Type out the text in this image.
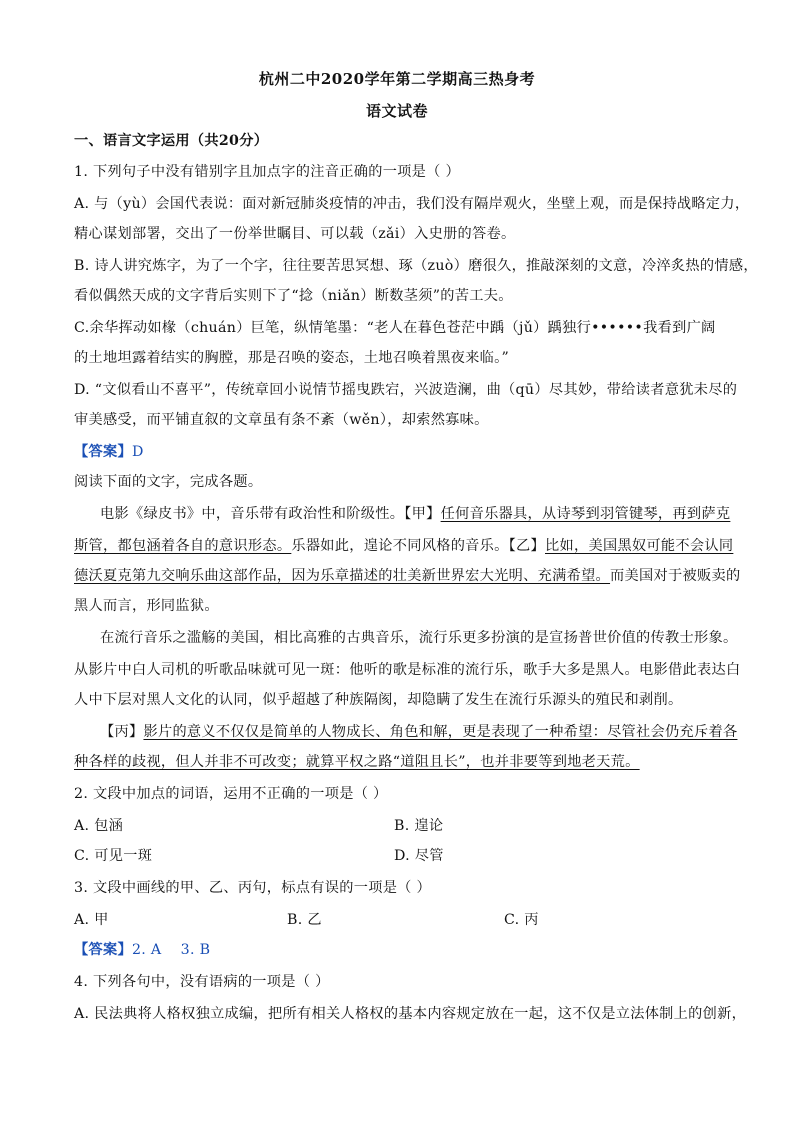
杭州二中2020学年第二学期高三热身考
语文试卷
一、语言文字运用（共20分）
1. 下列句子中没有错别字且加点字的注音正确的一项是（ ）
A. 与（yù）会国代表说：面对新冠肺炎疫情的冲击，我们没有隔岸观火，坐壁上观，而是保持战略定力，
精心谋划部署，交出了一份举世瞩目、可以载（zǎi）入史册的答卷。
B. 诗人讲究炼字，为了一个字，往往要苦思冥想、琢（zuò）磨很久，推敲深刻的文意，冷淬炙热的情感，
看似偶然天成的文字背后实则下了“捻（niǎn）断数茎须”的苦工夫。
C.余华挥动如椽（chuán）巨笔，纵情笔墨：“老人在暮色苍茫中踽（jǔ）踽独行••••••我看到广阔
的土地坦露着结实的胸膛，那是召唤的姿态，土地召唤着黑夜来临。”
D. “文似看山不喜平”，传统章回小说情节摇曳跌宕，兴波造澜，曲（qū）尽其妙，带给读者意犹未尽的
审美感受，而平铺直叙的文章虽有条不紊（wěn），却索然寡味。
【答案】D
阅读下面的文字，完成各题。
电影《绿皮书》中，音乐带有政治性和阶级性。【甲】任何音乐器具，从诗琴到羽管键琴，再到萨克
斯管，都包涵着各自的意识形态。乐器如此，遑论不同风格的音乐。【乙】比如，美国黑奴可能不会认同
德沃夏克第九交响乐曲这部作品，因为乐章描述的壮美新世界宏大光明、充满希望。而美国对于被贩卖的
黑人而言，形同监狱。
在流行音乐之滥觞的美国，相比高雅的古典音乐，流行乐更多扮演的是宣扬普世价值的传教士形象。
从影片中白人司机的听歌品味就可见一斑：他听的歌是标准的流行乐，歌手大多是黑人。电影借此表达白
人中下层对黑人文化的认同，似乎超越了种族隔阂，却隐瞒了发生在流行乐源头的殖民和剥削。
【丙】影片的意义不仅仅是简单的人物成长、角色和解，更是表现了一种希望：尽管社会仍充斥着各
种各样的歧视，但人并非不可改变；就算平权之路“道阻且长”，也并非要等到地老天荒。
2. 文段中加点的词语，运用不正确的一项是（ ）
A. 包涵	B. 遑论
C. 可见一斑	D. 尽管
3. 文段中画线的甲、乙、丙句，标点有误的一项是（ ）
A. 甲	B. 乙	C. 丙
【答案】2. A    3. B
4. 下列各句中，没有语病的一项是（ ）
A. 民法典将人格权独立成编，把所有相关人格权的基本内容规定放在一起，这不仅是立法体制上的创新，
